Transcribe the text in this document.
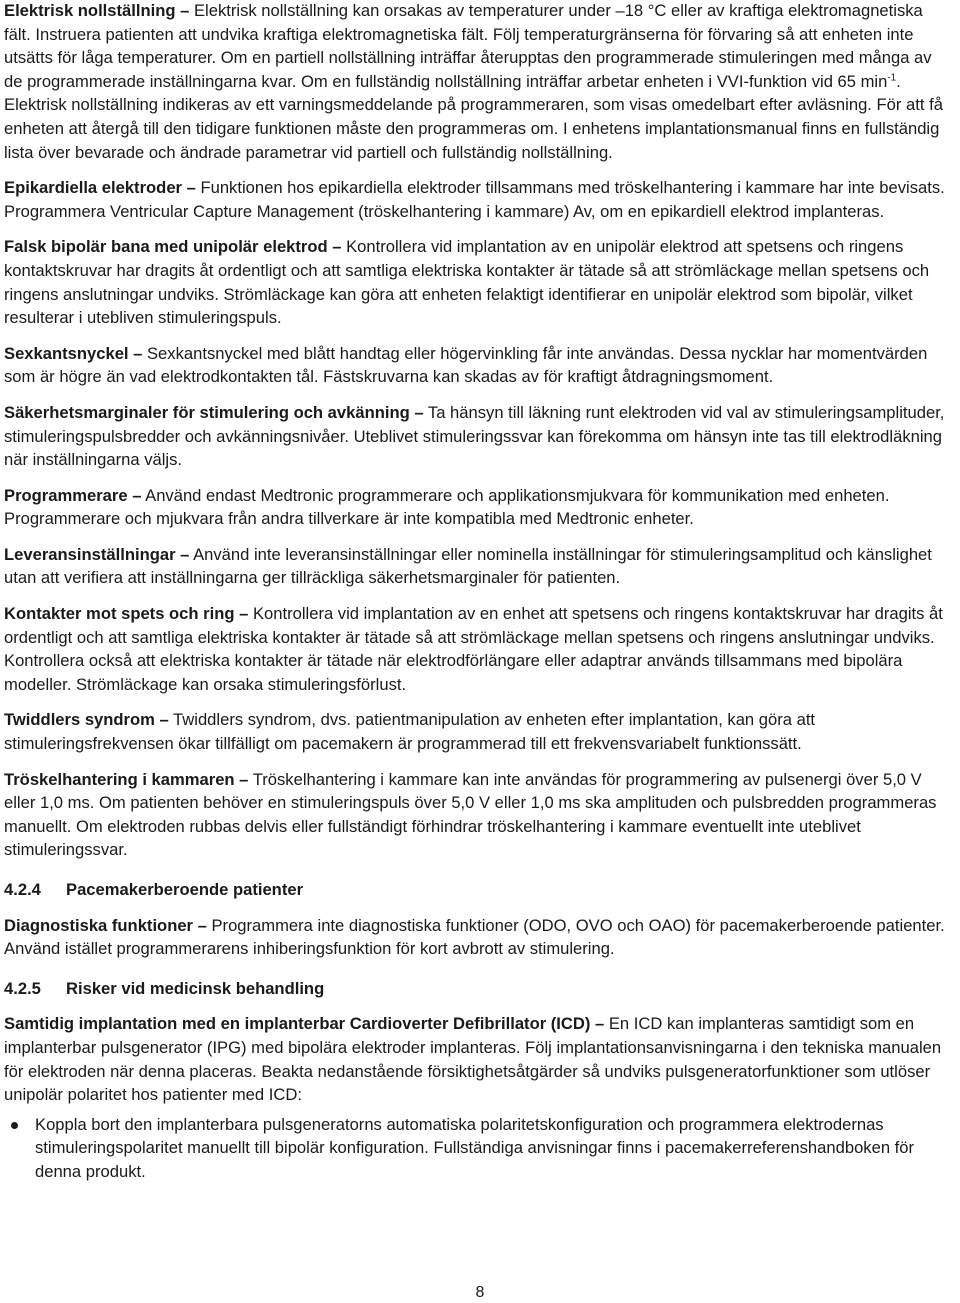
Elektrisk nollställning – Elektrisk nollställning kan orsakas av temperaturer under –18 °C eller av kraftiga elektromagnetiska fält. Instruera patienten att undvika kraftiga elektromagnetiska fält. Följ temperaturgränserna för förvaring så att enheten inte utsätts för låga temperaturer. Om en partiell nollställning inträffar återupptas den programmerade stimuleringen med många av de programmerade inställningarna kvar. Om en fullständig nollställning inträffar arbetar enheten i VVI-funktion vid 65 $\min^{-1}$. Elektrisk nollställning indikeras av ett varningsmeddelande på programmeraren, som visas omedelbart efter avläsning. För att få enheten att återgå till den tidigare funktionen måste den programmeras om. I enhetens implantationsmanual finns en fullständig lista över bevarade och ändrade parametrar vid partiell och fullständig nollställning.

Epikardiella elektroder – Funktionen hos epikardiella elektroder tillsammans med tröskelhantering i kammare har inte bevisats. Programmera Ventricular Capture Management (tröskelhantering i kammare) Av, om en epikardiell elektrod implanteras.

Falsk bipolär bana med unipolär elektrod – Kontrollera vid implantation av en unipolär elektrod att spetsens och ringens kontaktskruvar har dragits åt ordentligt och att samtliga elektriska kontakter är tätade så att strömläckage mellan spetsens och ringens anslutningar undviks. Strömläckage kan göra att enheten felaktigt identifierar en unipolär elektrod som bipolär, vilket resulterar i utebliven stimuleringspuls.

Sexkantsnyckel – Sexkantsnyckel med blått handtag eller högervinkling får inte användas. Dessa nycklar har momentvärden som är högre än vad elektrodkontakten tål. Fästskruvarna kan skadas av för kraftigt åtdragningsmoment.

Säkerhetsmarginaler för stimulering och avkänning – Ta hänsyn till läkning runt elektroden vid val av stimuleringsamplituder, stimuleringspulsbredder och avkänningsnivåer. Uteblivet stimuleringssvar kan förekomma om hänsyn inte tas till elektrodläkning när inställningarna väljs.

Programmerare – Använd endast Medtronic programmerare och applikationsmjukvara för kommunikation med enheten. Programmerare och mjukvara från andra tillverkare är inte kompatibla med Medtronic enheter.

Leveransinställningar – Använd inte leveransinställningar eller nominella inställningar för stimuleringsamplitud och känslighet utan att verifiera att inställningarna ger tillräckliga säkerhetsmarginaler för patienten.

Kontakter mot spets och ring – Kontrollera vid implantation av en enhet att spetsens och ringens kontaktskruvar har dragits åt ordentligt och att samtliga elektriska kontakter är tätade så att strömläckage mellan spetsens och ringens anslutningar undviks. Kontrollera också att elektriska kontakter är tätade när elektrodförlängare eller adaptrar används tillsammans med bipolära modeller. Strömläckage kan orsaka stimuleringsförlust.

Twiddlers syndrom – Twiddlers syndrom, dvs. patientmanipulation av enheten efter implantation, kan göra att stimuleringsfrekvensen ökar tillfälligt om pacemakern är programmerad till ett frekvensvariabelt funktionssätt.

Tröskelhantering i kammaren – Tröskelhantering i kammare kan inte användas för programmering av pulsenergi över 5,0 V eller 1,0 ms. Om patienten behöver en stimuleringspuls över 5,0 V eller 1,0 ms ska amplituden och pulsbredden programmeras manuellt. Om elektroden rubbas delvis eller fullständigt förhindrar tröskelhantering i kammare eventuellt inte uteblivet stimuleringssvar.

4.2.4 Pacemakerberoende patienter

Diagnostiska funktioner – Programmera inte diagnostiska funktioner (ODO, OVO och OAO) för pacemakerberoende patienter. Använd istället programmerarens inhiberingsfunktion för kort avbrott av stimulering.

4.2.5 Risker vid medicinsk behandling

Samtidig implantation med en implanterbar Cardioverter Defibrillator (ICD) – En ICD kan implanteras samtidigt som en implanterbar pulsgenerator (IPG) med bipolära elektroder implanteras. Följ implantationsanvisningarna i den tekniska manualen för elektroden när denna placeras. Beakta nedanstående försiktighetsåtgärder så undviks pulsgeneratorfunktioner som utlöser unipolär polaritet hos patienter med ICD:

Koppla bort den implanterbara pulsgeneratorns automatiska polaritetskonfiguration och programmera elektrodernas stimuleringspolaritet manuellt till bipolär konfiguration. Fullständiga anvisningar finns i pacemakerreferenshandboken för denna produkt.
8
